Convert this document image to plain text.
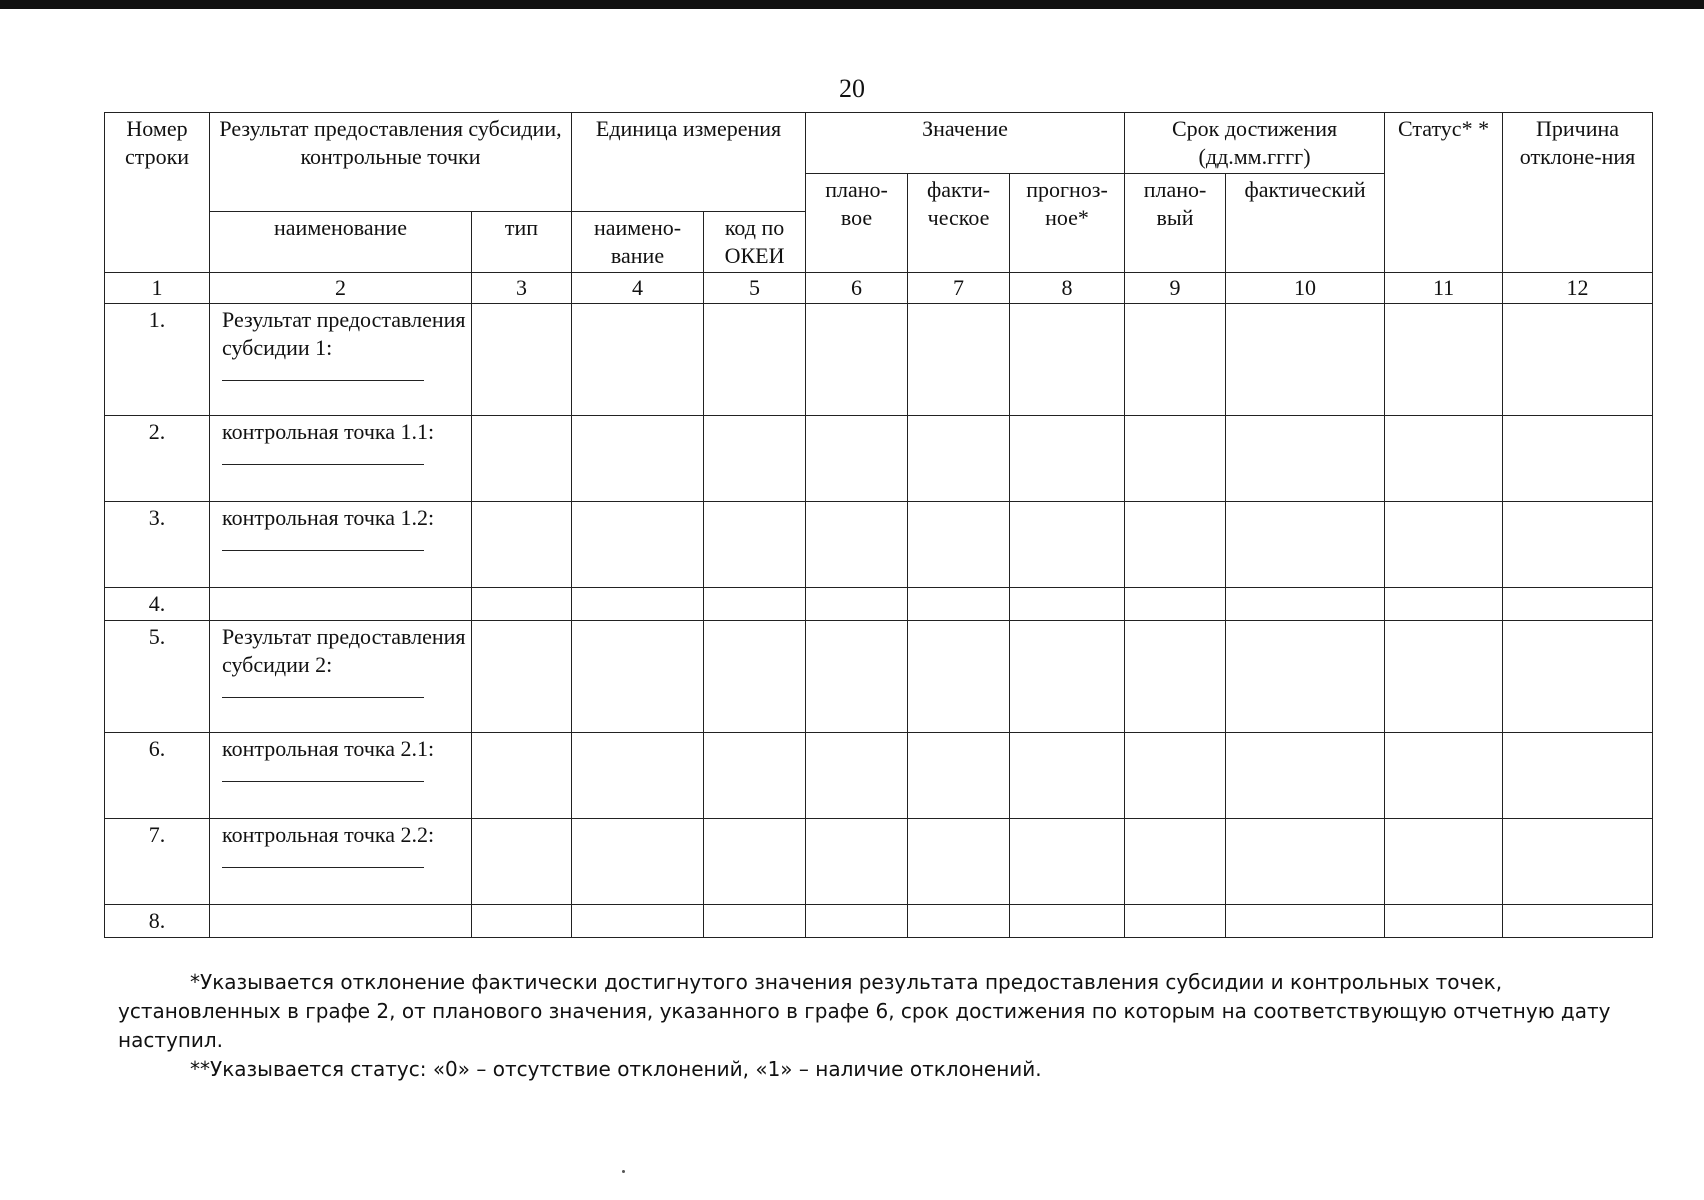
20
Номер строки	Результат предоставления субсидии, контрольные точки		Единица измерения		Значение			Срок достижения (дд.мм.гггг)		Статус* *	Причина отклоне-ния
					плано-вое	факти-ческое	прогноз-ное*	плано-вый	фактический		
	наименование	тип	наимено-вание	код по ОКЕИ							
1	2	3	4	5	6	7	8	9	10	11	12
1.	Результат предоставления субсидии 1:

2.	контрольная точка 1.1:

3.	контрольная точка 1.2:

4.											
5.	Результат предоставления субсидии 2:

6.	контрольная точка 2.1:

7.	контрольная точка 2.2:

8.											

*Указывается отклонение фактически достигнутого значения результата предоставления субсидии и контрольных точек, установленных в графе 2, от планового значения, указанного в графе 6, срок достижения по которым на соответствующую отчетную дату наступил.

**Указывается статус: «0» – отсутствие отклонений, «1» – наличие отклонений.
